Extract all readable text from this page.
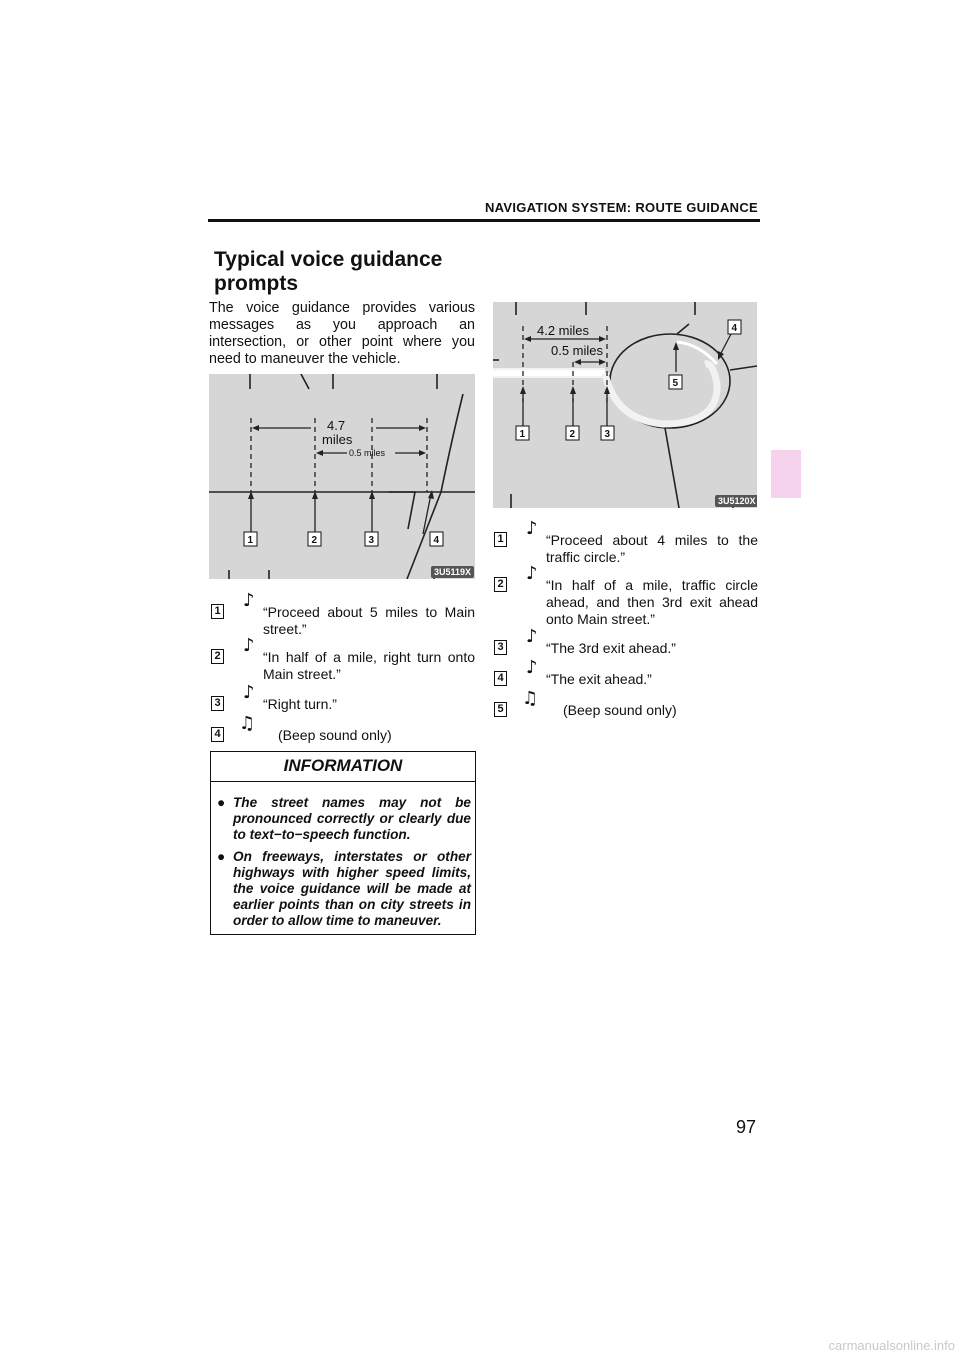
NAVIGATION SYSTEM: ROUTE GUIDANCE
Typical voice guidance
prompts
The voice guidance provides various messages as you approach an intersection, or other point where you need to maneuver the vehicle.
4.7
miles
0.5 miles
1	2	3	4
3U5119X
1 ♪
“Proceed about 5 miles to Main street.”
2 ♪
“In half of a mile, right turn onto Main street.”
3 ♪
“Right turn.”
4 ♫
(Beep sound only)
INFORMATION
● The street names may not be pronounced correctly or clearly due to text−to−speech function.
● On freeways, interstates or other highways with higher speed limits, the voice guidance will be made at earlier points than on city streets in order to allow time to maneuver.
4.2 miles
0.5 miles
1	2	3
4
5
3U5120X
1 ♪
“Proceed about 4 miles to the traffic circle.”
2 ♪
“In half of a mile, traffic circle ahead, and then 3rd exit ahead onto Main street.”
3 ♪
“The 3rd exit ahead.”
4 ♪
“The exit ahead.”
5 ♫
(Beep sound only)
97
carmanualsonline.info
